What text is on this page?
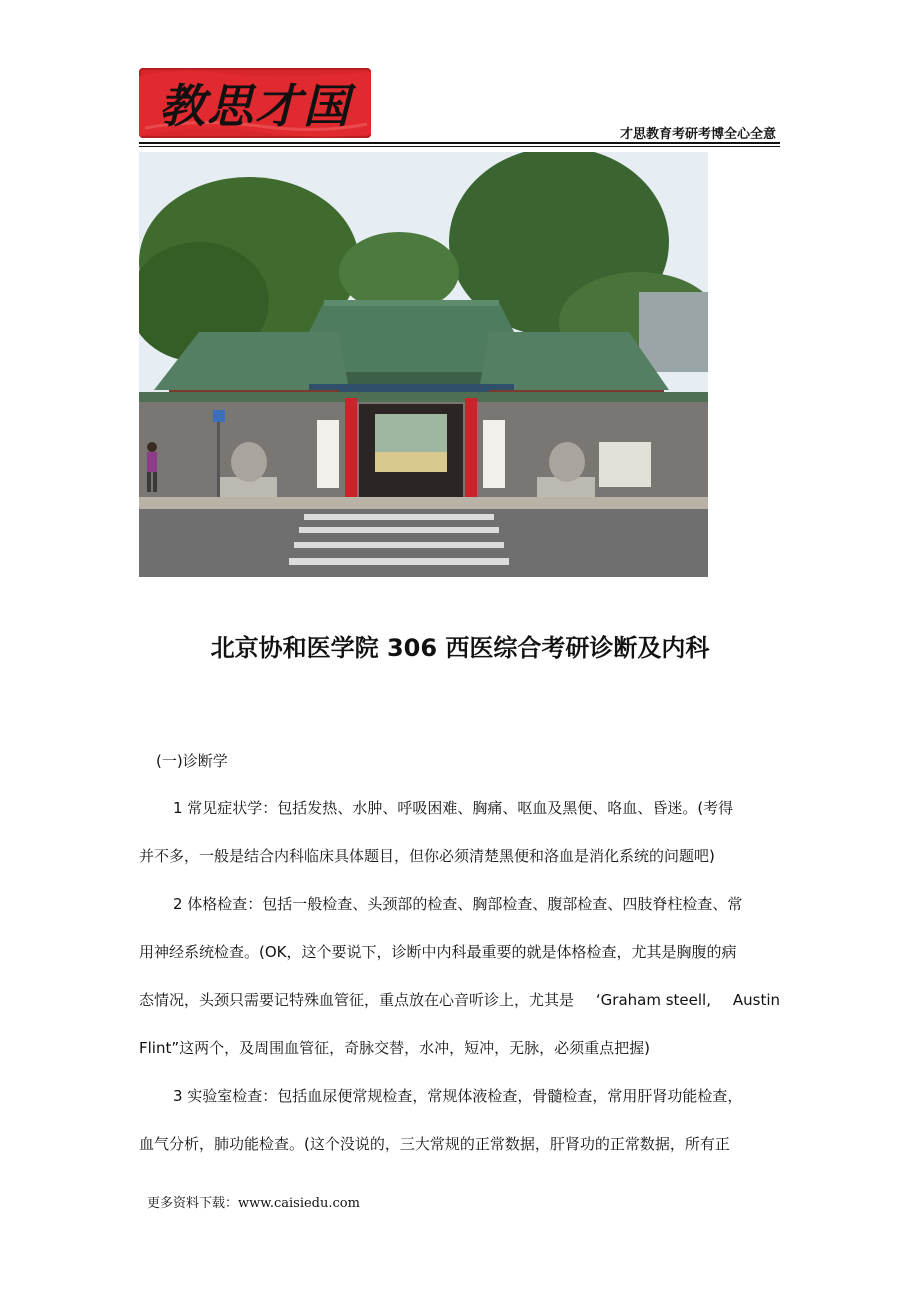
教思才国
才思教育考研考博全心全意
北京协和医学院 306 西医综合考研诊断及内科
(一)诊断学
1 常见症状学：包括发热、水肿、呼吸困难、胸痛、呕血及黑便、咯血、昏迷。(考得
并不多，一般是结合内科临床具体题目，但你必须清楚黑便和洛血是消化系统的问题吧)
2 体格检查：包括一般检查、头颈部的检查、胸部检查、腹部检查、四肢脊柱检查、常
用神经系统检查。(OK，这个要说下，诊断中内科最重要的就是体格检查，尤其是胸腹的病
态情况，头颈只需要记特殊血管征，重点放在心音听诊上，尤其是 ‘Graham steell, Austin
Flint”这两个，及周围血管征，奇脉交替，水冲，短冲，无脉，必须重点把握)
3 实验室检查：包括血尿便常规检查，常规体液检查，骨髓检查，常用肝肾功能检查，
血气分析，肺功能检查。(这个没说的，三大常规的正常数据，肝肾功的正常数据，所有正
更多资料下载：www.caisiedu.com
